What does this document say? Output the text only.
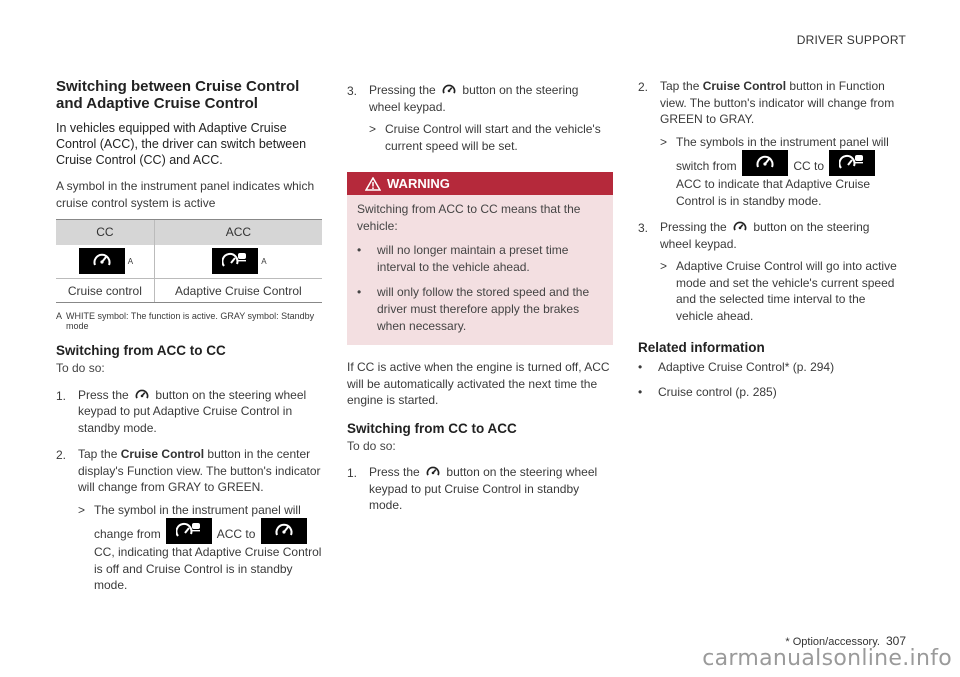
DRIVER SUPPORT
Switching between Cruise Control and Adaptive Cruise Control

In vehicles equipped with Adaptive Cruise Control (ACC), the driver can switch between Cruise Control (CC) and ACC.

A symbol in the instrument panel indicates which cruise control system is active

CC	ACC

$^A$	$^A$
Cruise control	Adaptive Cruise Control
A WHITE symbol: The function is active. GRAY symbol: Standby mode
Switching from ACC to CC

To do so:

1. Press the button on the steering wheel keypad to put Adaptive Cruise Control in standby mode.
2. Tap the Cruise Control button in the center display's Function view. The button's indicator will change from GRAY to GREEN.
> The symbol in the instrument panel will change from	ACC to
CC, indicating that Adaptive Cruise Control is off and Cruise Control is in standby mode.
3. Pressing the button on the steering wheel keypad.
> Cruise Control will start and the vehicle's current speed will be set.
WARNING

Switching from ACC to CC means that the vehicle:

• will no longer maintain a preset time interval to the vehicle ahead.
• will only follow the stored speed and the driver must therefore apply the brakes when necessary.

If CC is active when the engine is turned off, ACC will be automatically activated the next time the engine is started.

Switching from CC to ACC

To do so:

1. Press the button on the steering wheel keypad to put Cruise Control in standby mode.
2. Tap the Cruise Control button in Function view. The button's indicator will change from GREEN to GRAY.
> The symbols in the instrument panel will switch from	CC to
ACC to indicate that Adaptive Cruise Control is in standby mode.
3. Pressing the button on the steering wheel keypad.
> Adaptive Cruise Control will go into active mode and set the vehicle's current speed and the selected time interval to the vehicle ahead.
Related information
• Adaptive Cruise Control* (p. 294)
• Cruise control (p. 285)
* Option/accessory. 307
carmanualsonline.info
